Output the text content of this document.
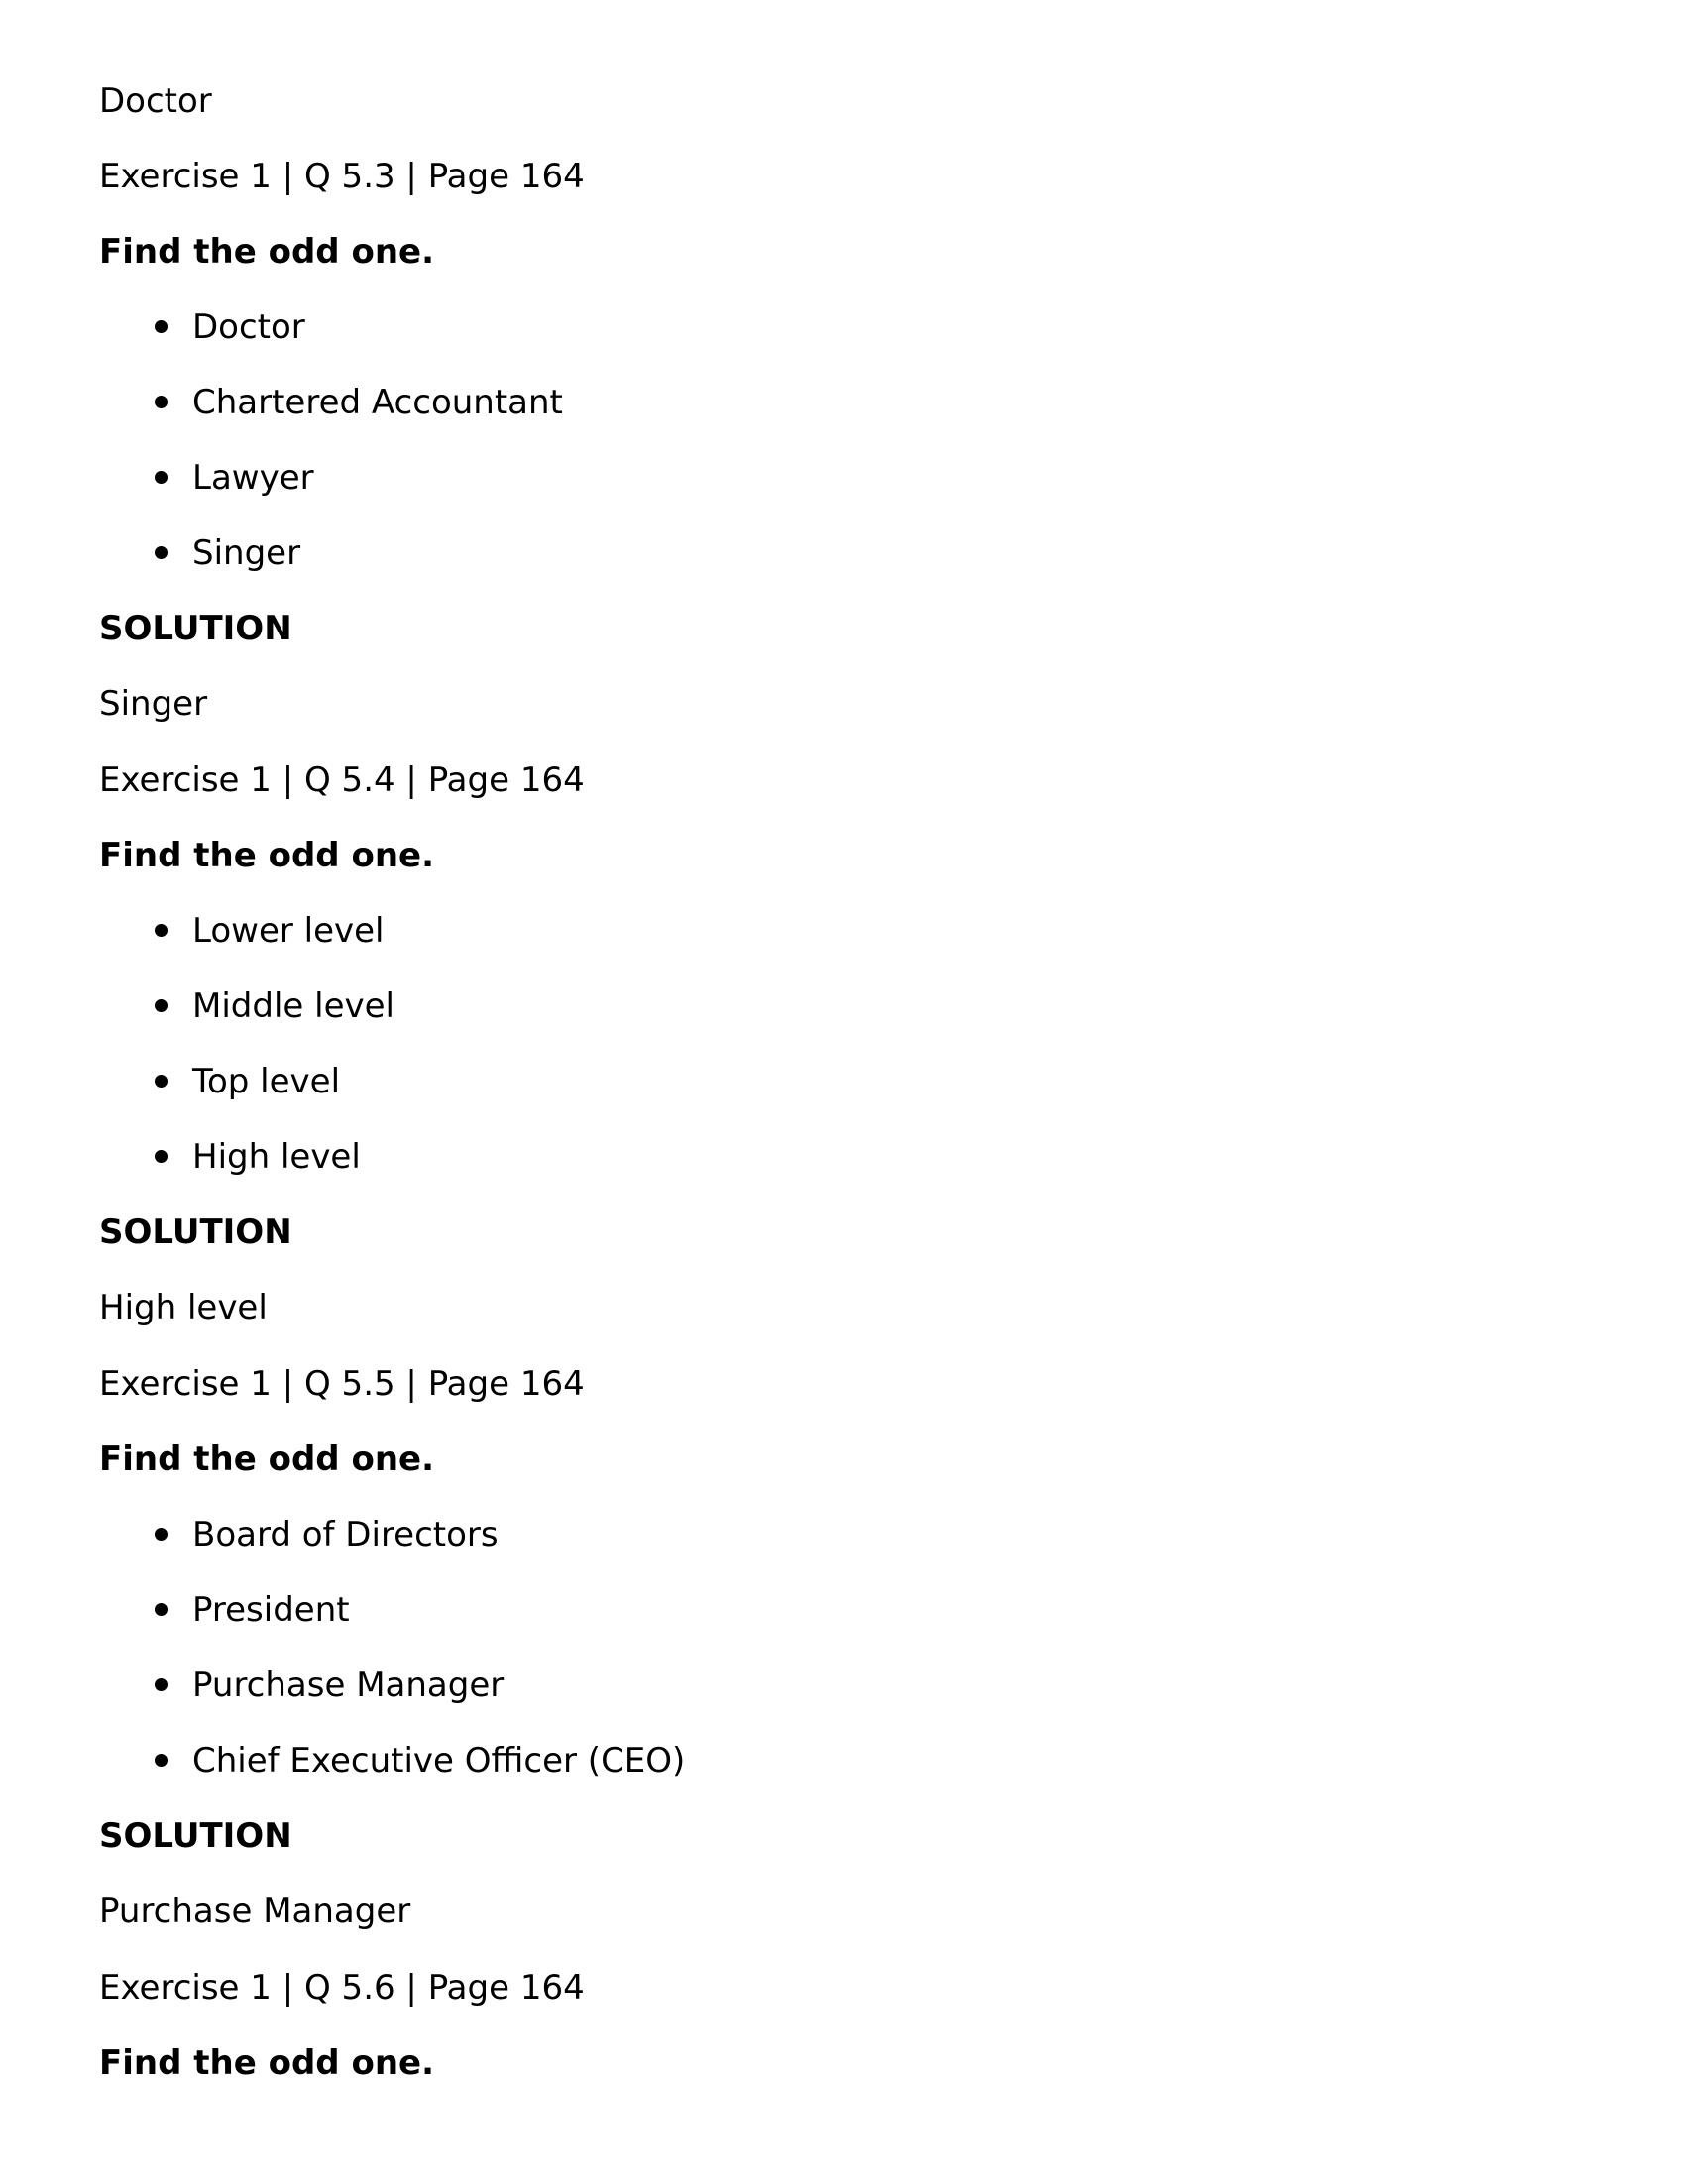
Doctor
Exercise 1 | Q 5.3 | Page 164
Find the odd one.
Doctor
Chartered Accountant
Lawyer
Singer
SOLUTION
Singer
Exercise 1 | Q 5.4 | Page 164
Find the odd one.
Lower level
Middle level
Top level
High level
SOLUTION
High level
Exercise 1 | Q 5.5 | Page 164
Find the odd one.
Board of Directors
President
Purchase Manager
Chief Executive Officer (CEO)
SOLUTION
Purchase Manager
Exercise 1 | Q 5.6 | Page 164
Find the odd one.
